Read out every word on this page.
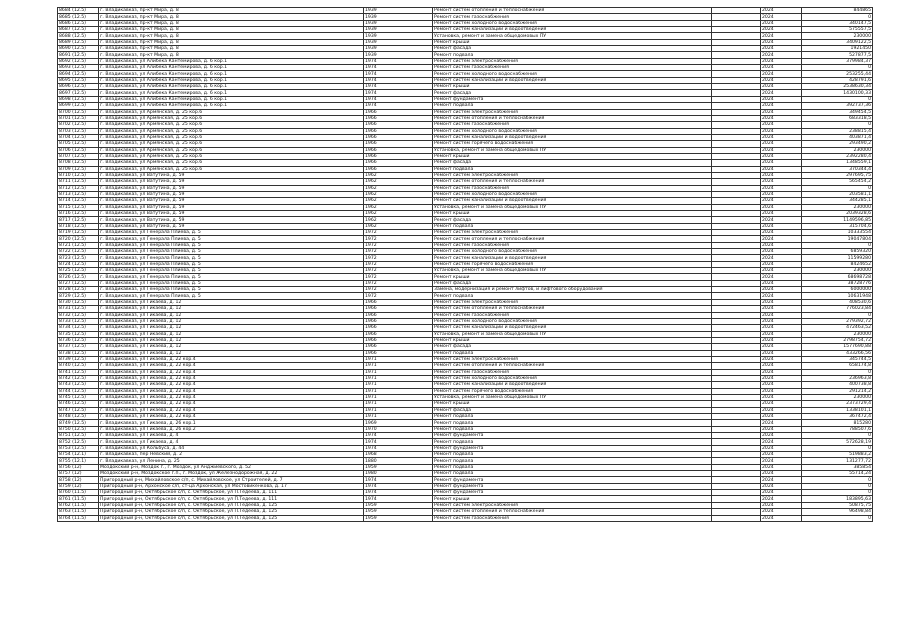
8684 (12.5)	г. Владикавказ, пр-кт Мира, д. 8	1939	Ремонт систем отопления и теплоснабжения		2024	844865
8685 (12.5)	г. Владикавказ, пр-кт Мира, д. 8	1939	Ремонт систем газоснабжения		2024	0
8686 (12.5)	г. Владикавказ, пр-кт Мира, д. 8	1939	Ремонт систем холодного водоснабжения		2024	340147,5
8687 (12.5)	г. Владикавказ, пр-кт Мира, д. 8	1939	Ремонт систем канализации и водоотведения		2024	575557,5
8688 (12.5)	г. Владикавказ, пр-кт Мира, д. 8	1939	Установка, ремонт и замена общедомовых ПУ		2024	230000
8689 (12.5)	г. Владикавказ, пр-кт Мира, д. 8	1939	Ремонт крыши		2024	3409122,5
8690 (12.5)	г. Владикавказ, пр-кт Мира, д. 8	1939	Ремонт фасада		2024	1921450
8691 (12.5)	г. Владикавказ, пр-кт Мира, д. 8	1939	Ремонт подвала		2024	527877,5
8692 (12.5)	г. Владикавказ, ул Алибека Кантемирова, д. 6 кор.1	1974	Ремонт систем электроснабжения		2024	379984,37
8693 (12.5)	г. Владикавказ, ул Алибека Кантемирова, д. 6 кор.1	1974	Ремонт систем газоснабжения		2024	0
8694 (12.5)	г. Владикавказ, ул Алибека Кантемирова, д. 6 кор.1	1974	Ремонт систем холодного водоснабжения		2024	253255,44
8695 (12.5)	г. Владикавказ, ул Алибека Кантемирова, д. 6 кор.1	1974	Ремонт систем канализации и водоотведения		2024	428791,6
8696 (12.5)	г. Владикавказ, ул Алибека Кантемирова, д. 6 кор.1	1974	Ремонт крыши		2024	2538630,34
8697 (12.5)	г. Владикавказ, ул Алибека Кантемирова, д. 6 кор.1	1974	Ремонт фасада		2024	1430100,33
8698 (12.5)	г. Владикавказ, ул Алибека Кантемирова, д. 6 кор.1	1974	Ремонт фундамента		2024	0
8699 (12.5)	г. Владикавказ, ул Алибека Кантемирова, д. 6 кор.1	1974	Ремонт подвала		2024	392737,36
8700 (12.5)	г. Владикавказ, ул Армянская, д. 25 кор.6	1966	Ремонт систем электроснабжения		2024	349454,5
8701 (12.5)	г. Владикавказ, ул Армянская, д. 25 кор.6	1966	Ремонт систем отопления и теплоснабжения		2024	683318,5
8702 (12.5)	г. Владикавказ, ул Армянская, д. 25 кор.6	1966	Ремонт систем газоснабжения		2024	0
8703 (12.5)	г. Владикавказ, ул Армянская, д. 25 кор.6	1966	Ремонт систем холодного водоснабжения		2024	238815,4
8704 (12.5)	г. Владикавказ, ул Армянская, д. 25 кор.6	1966	Ремонт систем канализации и водоотведения		2024	403871,4
8705 (12.5)	г. Владикавказ, ул Армянская, д. 25 кор.6	1966	Ремонт систем горячего водоснабжения		2024	293490,2
8706 (12.5)	г. Владикавказ, ул Армянская, д. 25 кор.6	1966	Установка, ремонт и замена общедомовых ПУ		2024	230000
8707 (12.5)	г. Владикавказ, ул Армянская, д. 25 кор.6	1966	Ремонт крыши		2024	2392280,4
8708 (12.5)	г. Владикавказ, ул Армянская, д. 25 кор.6	1966	Ремонт фасада		2024	1348559,1
8709 (12.5)	г. Владикавказ, ул Армянская, д. 25 кор.6	1966	Ремонт подвала		2024	370344,4
8710 (12.5)	г. Владикавказ, ул Ватутина, д. 59	1962	Ремонт систем электроснабжения		2024	297695,75
8711 (12.5)	г. Владикавказ, ул Ватутина, д. 59	1962	Ремонт систем отопления и теплоснабжения		2024	565454,2
8712 (12.5)	г. Владикавказ, ул Ватутина, д. 59	1962	Ремонт систем газоснабжения		2024	0
8713 (12.5)	г. Владикавказ, ул Ватутина, д. 59	1962	Ремонт систем холодного водоснабжения		2024	203581,1
8714 (12.5)	г. Владикавказ, ул Ватутина, д. 59	1962	Ремонт систем канализации и водоотведения		2024	344285,1
8715 (12.5)	г. Владикавказ, ул Ватутина, д. 59	1962	Установка, ремонт и замена общедомовых ПУ		2024	230000
8716 (12.5)	г. Владикавказ, ул Ватутина, д. 59	1962	Ремонт крыши		2024	2039328,6
8717 (12.5)	г. Владикавказ, ул Ватутина, д. 59	1962	Ремонт фасада		2024	1149596,85
8718 (12.5)	г. Владикавказ, ул Ватутина, д. 59	1962	Ремонт подвала		2024	315704,6
8719 (12.5)	г. Владикавказ, ул Генерала Плиева, д. 5	1972	Ремонт систем электроснабжения		2024	10333554
8720 (12.5)	г. Владикавказ, ул Генерала Плиева, д. 5	1972	Ремонт систем отопления и теплоснабжения		2024	19047804
8721 (12.5)	г. Владикавказ, ул Генерала Плиева, д. 5	1972	Ремонт систем газоснабжения		2024	0
8722 (12.5)	г. Владикавказ, ул Генерала Плиева, д. 5	1972	Ремонт систем холодного водоснабжения		2024	6859320
8723 (12.5)	г. Владикавказ, ул Генерала Плиева, д. 5	1972	Ремонт систем канализации и водоотведения		2024	11599280
8724 (12.5)	г. Владикавказ, ул Генерала Плиева, д. 5	1972	Ремонт систем горячего водоснабжения		2024	8424652
8725 (12.5)	г. Владикавказ, ул Генерала Плиева, д. 5	1972	Установка, ремонт и замена общедомовых ПУ		2024	230000
8726 (12.5)	г. Владикавказ, ул Генерала Плиева, д. 5	1972	Ремонт крыши		2024	68698728
8727 (12.5)	г. Владикавказ, ул Генерала Плиева, д. 5	1972	Ремонт фасада		2024	38728776
8728 (12.5)	г. Владикавказ, ул Генерала Плиева, д. 5	1972	Замена, модернизация и ремонт лифтов, и лифтового оборудования		2024	6000000
8729 (12.5)	г. Владикавказ, ул Генерала Плиева, д. 5	1972	Ремонт подвала		2024	10631948
8730 (12.5)	г. Владикавказ, ул Гикаева, д. 12	1966	Ремонт систем электроснабжения		2024	408530,6
8731 (12.5)	г. Владикавказ, ул Гикаева, д. 12	1966	Ремонт систем отопления и теплоснабжения		2024	776023,84
8732 (12.5)	г. Владикавказ, ул Гикаева, д. 12	1966	Ремонт систем газоснабжения		2024	0
8733 (12.5)	г. Владикавказ, ул Гикаева, д. 12	1966	Ремонт систем холодного водоснабжения		2024	279392,72
8734 (12.5)	г. Владикавказ, ул Гикаева, д. 12	1966	Ремонт систем канализации и водоотведения		2024	472463,52
8735 (12.5)	г. Владикавказ, ул Гикаева, д. 12	1966	Установка, ремонт и замена общедомовых ПУ		2024	230000
8736 (12.5)	г. Владикавказ, ул Гикаева, д. 12	1966	Ремонт крыши		2024	2798754,72
8737 (12.5)	г. Владикавказ, ул Гикаева, д. 12	1966	Ремонт фасада		2024	1577690,88
8738 (12.5)	г. Владикавказ, ул Гикаева, д. 12	1966	Ремонт подвала		2024	433266,56
8739 (12.5)	г. Владикавказ, ул Гикаева, д. 22 кор.4	1971	Ремонт систем электроснабжения		2024	345744,5
8740 (12.5)	г. Владикавказ, ул Гикаева, д. 22 кор.4	1971	Ремонт систем отопления и теплоснабжения		2024	658174,8
8741 (12.5)	г. Владикавказ, ул Гикаева, д. 22 кор.4	1971	Ремонт систем газоснабжения		2024	0
8742 (12.5)	г. Владикавказ, ул Гикаева, д. 22 кор.4	1971	Ремонт систем холодного водоснабжения		2024	236963,8
8743 (12.5)	г. Владикавказ, ул Гикаева, д. 22 кор.4	1971	Ремонт систем канализации и водоотведения		2024	400738,8
8744 (12.5)	г. Владикавказ, ул Гикаева, д. 22 кор.4	1971	Ремонт систем горячего водоснабжения		2024	291214,2
8745 (12.5)	г. Владикавказ, ул Гикаева, д. 22 кор.4	1971	Установка, ремонт и замена общедомовых ПУ		2024	230000
8746 (12.5)	г. Владикавказ, ул Гикаева, д. 22 кор.4	1971	Ремонт крыши		2024	2373729,4
8747 (12.5)	г. Владикавказ, ул Гикаева, д. 22 кор.4	1971	Ремонт фасада		2024	1338101,1
8748 (12.5)	г. Владикавказ, ул Гикаева, д. 22 кор.4	1971	Ремонт подвала		2024	367472,4
8749 (12.5)	г. Владикавказ, ул Гикаева, д. 26 кор.1	1969	Ремонт подвала		2024	815280
8750 (12.5)	г. Владикавказ, ул Гикаева, д. 26 кор.2	1970	Ремонт подвала		2024	788507,6
8751 (12.5)	г. Владикавказ, ул Гикаева, д. 4	1974	Ремонт фундамента		2024	0
8752 (12.5)	г. Владикавказ, ул Гикаева, д. 4	1974	Ремонт подвала		2024	572628,19
8753 (12.5)	г. Владикавказ, ул Кольбуса, д. 44	1974	Ремонт фундамента		2024	0
8754 (12.1)	г. Владикавказ, пер Невский, д. 2	1968	Ремонт подвала		2024	519883,2
8755 (12.1)	г. Владикавказ, ул Ленина, д. 25	1880	Ремонт подвала		2024	131277,72
8756 (12)	Моздокский р-н, Моздок г., г. Моздок, ул Анджиевского, д. 52	1959	Ремонт подвала		2024	385854
8757 (12)	Моздокский р-н, Моздокское г.п., г. Моздок, ул Железнодорожная, д. 22	1980	Ремонт подвала		2024	55714,24
8758 (12)	Пригородный р-н, Михайловское с/п, с. Михайловское, ул Строителей, д. 7	1974	Ремонт фундамента		2024	0
8759 (12)	Пригородный р-н, Архонское с/п, ст-ца Архонская, ул Мостовикенкова, д. 17	1974	Ремонт фундамента		2024	0
8760 (11.5)	Пригородный р-н, Октябрьское с/п, с. Октябрьское, ул П.Тедеева, д. 111	1974	Ремонт фундамента		2024	0
8761 (11.5)	Пригородный р-н, Октябрьское с/п, с. Октябрьское, ул П.Тедеева, д. 111	1974	Ремонт крыши		2024	183895,63
8762 (11.5)	Пригородный р-н, Октябрьское с/п, с. Октябрьское, ул П.Тедеева, д. 125	1959	Ремонт систем электроснабжения		2024	50875,75
8763 (11.5)	Пригородный р-н, Октябрьское с/п, с. Октябрьское, ул П.Тедеева, д. 125	1959	Ремонт систем отопления и теплоснабжения		2024	96498,84
8764 (11.5)	Пригородный р-н, Октябрьское с/п, с. Октябрьское, ул П.Тедеева, д. 125	1959	Ремонт систем газоснабжения		2024	0
